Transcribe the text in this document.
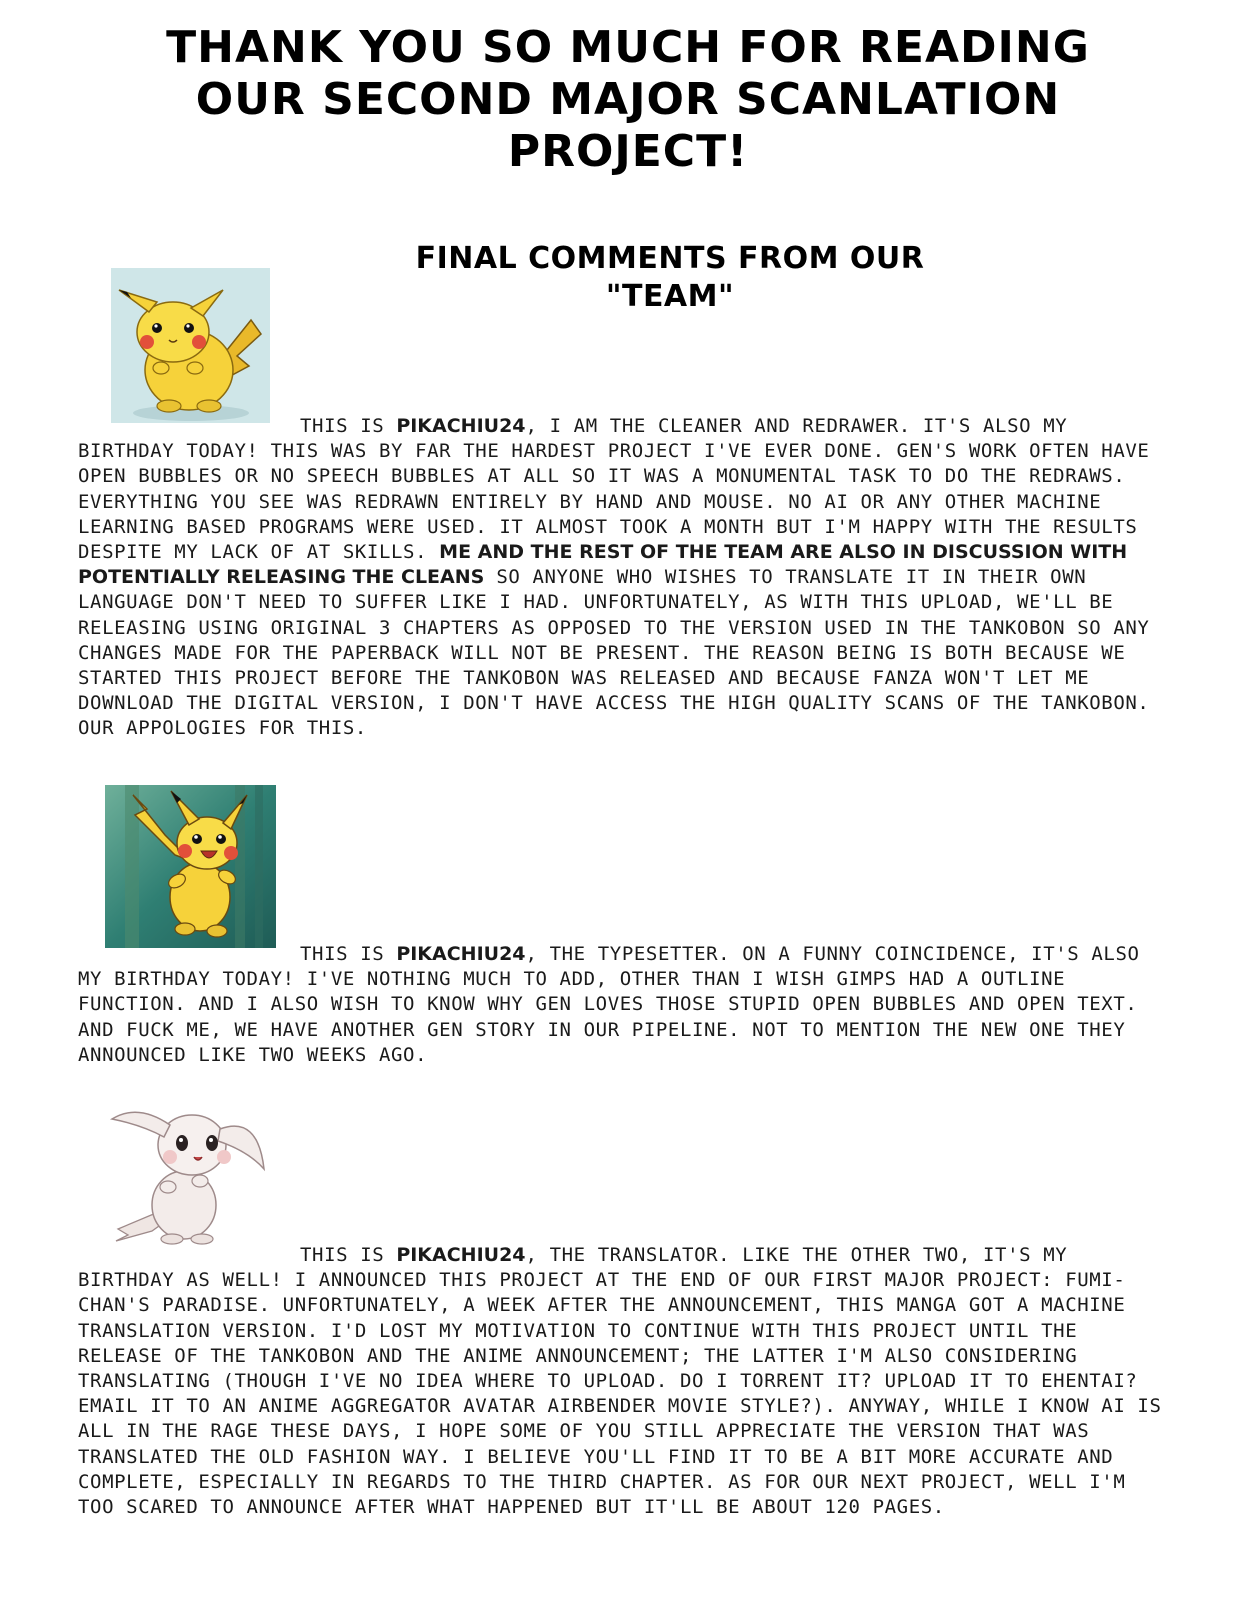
THANK YOU SO MUCH FOR READING
OUR SECOND MAJOR SCANLATION
PROJECT!
FINAL COMMENTS FROM OUR "TEAM"

THIS IS PIKACHIU24, I AM THE CLEANER AND REDRAWER. IT'S ALSO MY BIRTHDAY TODAY! THIS WAS BY FAR THE HARDEST PROJECT I'VE EVER DONE. GEN'S WORK OFTEN HAVE OPEN BUBBLES OR NO SPEECH BUBBLES AT ALL SO IT WAS A MONUMENTAL TASK TO DO THE REDRAWS. EVERYTHING YOU SEE WAS REDRAWN ENTIRELY BY HAND AND MOUSE. NO AI OR ANY OTHER MACHINE LEARNING BASED PROGRAMS WERE USED. IT ALMOST TOOK A MONTH BUT I'M HAPPY WITH THE RESULTS DESPITE MY LACK OF AT SKILLS. ME AND THE REST OF THE TEAM ARE ALSO IN DISCUSSION WITH POTENTIALLY RELEASING THE CLEANS SO ANYONE WHO WISHES TO TRANSLATE IT IN THEIR OWN LANGUAGE DON'T NEED TO SUFFER LIKE I HAD. UNFORTUNATELY, AS WITH THIS UPLOAD, WE'LL BE RELEASING USING ORIGINAL 3 CHAPTERS AS OPPOSED TO THE VERSION USED IN THE TANKOBON SO ANY CHANGES MADE FOR THE PAPERBACK WILL NOT BE PRESENT. THE REASON BEING IS BOTH BECAUSE WE STARTED THIS PROJECT BEFORE THE TANKOBON WAS RELEASED AND BECAUSE FANZA WON'T LET ME DOWNLOAD THE DIGITAL VERSION, I DON'T HAVE ACCESS THE HIGH QUALITY SCANS OF THE TANKOBON. OUR APPOLOGIES FOR THIS.

THIS IS PIKACHIU24, THE TYPESETTER. ON A FUNNY COINCIDENCE, IT'S ALSO MY BIRTHDAY TODAY! I'VE NOTHING MUCH TO ADD, OTHER THAN I WISH GIMPS HAD A OUTLINE FUNCTION. AND I ALSO WISH TO KNOW WHY GEN LOVES THOSE STUPID OPEN BUBBLES AND OPEN TEXT. AND FUCK ME, WE HAVE ANOTHER GEN STORY IN OUR PIPELINE. NOT TO MENTION THE NEW ONE THEY ANNOUNCED LIKE TWO WEEKS AGO.

THIS IS PIKACHIU24, THE TRANSLATOR. LIKE THE OTHER TWO, IT'S MY BIRTHDAY AS WELL! I ANNOUNCED THIS PROJECT AT THE END OF OUR FIRST MAJOR PROJECT: FUMI-CHAN'S PARADISE. UNFORTUNATELY, A WEEK AFTER THE ANNOUNCEMENT, THIS MANGA GOT A MACHINE TRANSLATION VERSION. I'D LOST MY MOTIVATION TO CONTINUE WITH THIS PROJECT UNTIL THE RELEASE OF THE TANKOBON AND THE ANIME ANNOUNCEMENT; THE LATTER I'M ALSO CONSIDERING TRANSLATING (THOUGH I'VE NO IDEA WHERE TO UPLOAD. DO I TORRENT IT? UPLOAD IT TO EHENTAI? EMAIL IT TO AN ANIME AGGREGATOR AVATAR AIRBENDER MOVIE STYLE?). ANYWAY, WHILE I KNOW AI IS ALL IN THE RAGE THESE DAYS, I HOPE SOME OF YOU STILL APPRECIATE THE VERSION THAT WAS TRANSLATED THE OLD FASHION WAY. I BELIEVE YOU'LL FIND IT TO BE A BIT MORE ACCURATE AND COMPLETE, ESPECIALLY IN REGARDS TO THE THIRD CHAPTER. AS FOR OUR NEXT PROJECT, WELL I'M TOO SCARED TO ANNOUNCE AFTER WHAT HAPPENED BUT IT'LL BE ABOUT 120 PAGES.
